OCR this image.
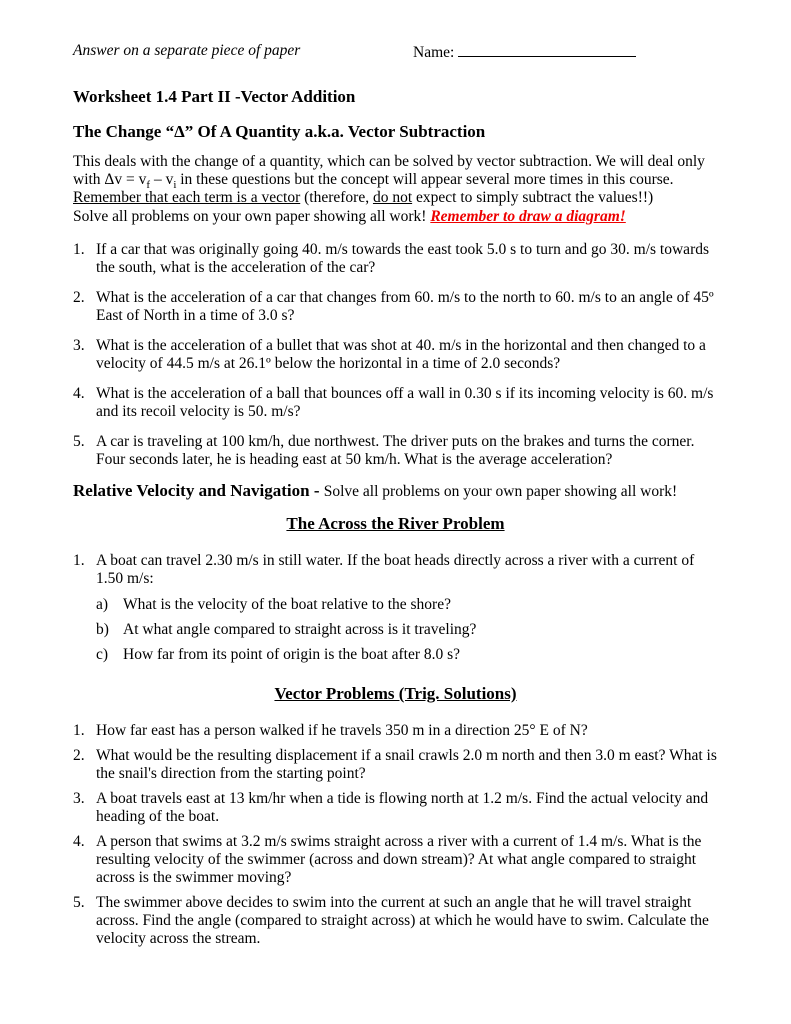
Answer on a separate piece of paper	Name:
Worksheet 1.4 Part II -Vector Addition
The Change “Δ” Of A Quantity a.k.a. Vector Subtraction

This deals with the change of a quantity, which can be solved by vector subtraction. We will deal only with $\Delta v = v_f - v_i$ in these questions but the concept will appear several more times in this course. Remember that each term is a vector (therefore, do not expect to simply subtract the values!!)

Solve all problems on your own paper showing all work! Remember to draw a diagram!

1. If a car that was originally going 40. m/s towards the east took 5.0 s to turn and go 30. m/s towards the south, what is the acceleration of the car?
2. What is the acceleration of a car that changes from 60. m/s to the north to 60. m/s to an angle of 45º East of North in a time of 3.0 s?
3. What is the acceleration of a bullet that was shot at 40. m/s in the horizontal and then changed to a velocity of 44.5 m/s at 26.1º below the horizontal in a time of 2.0 seconds?
4. What is the acceleration of a ball that bounces off a wall in 0.30 s if its incoming velocity is 60. m/s and its recoil velocity is 50. m/s?
5. A car is traveling at 100 km/h, due northwest. The driver puts on the brakes and turns the corner. Four seconds later, he is heading east at 50 km/h. What is the average acceleration?

Relative Velocity and Navigation - Solve all problems on your own paper showing all work!

The Across the River Problem
1. A boat can travel 2.30 m/s in still water. If the boat heads directly across a river with a current of 1.50 m/s:
a) What is the velocity of the boat relative to the shore?
b) At what angle compared to straight across is it traveling?
c) How far from its point of origin is the boat after 8.0 s?
Vector Problems (Trig. Solutions)
1. How far east has a person walked if he travels 350 m in a direction 25° E of N?
2. What would be the resulting displacement if a snail crawls 2.0 m north and then 3.0 m east? What is the snail's direction from the starting point?
3. A boat travels east at 13 km/hr when a tide is flowing north at 1.2 m/s. Find the actual velocity and heading of the boat.
4. A person that swims at 3.2 m/s swims straight across a river with a current of 1.4 m/s. What is the resulting velocity of the swimmer (across and down stream)? At what angle compared to straight across is the swimmer moving?
5. The swimmer above decides to swim into the current at such an angle that he will travel straight across. Find the angle (compared to straight across) at which he would have to swim. Calculate the velocity across the stream.
